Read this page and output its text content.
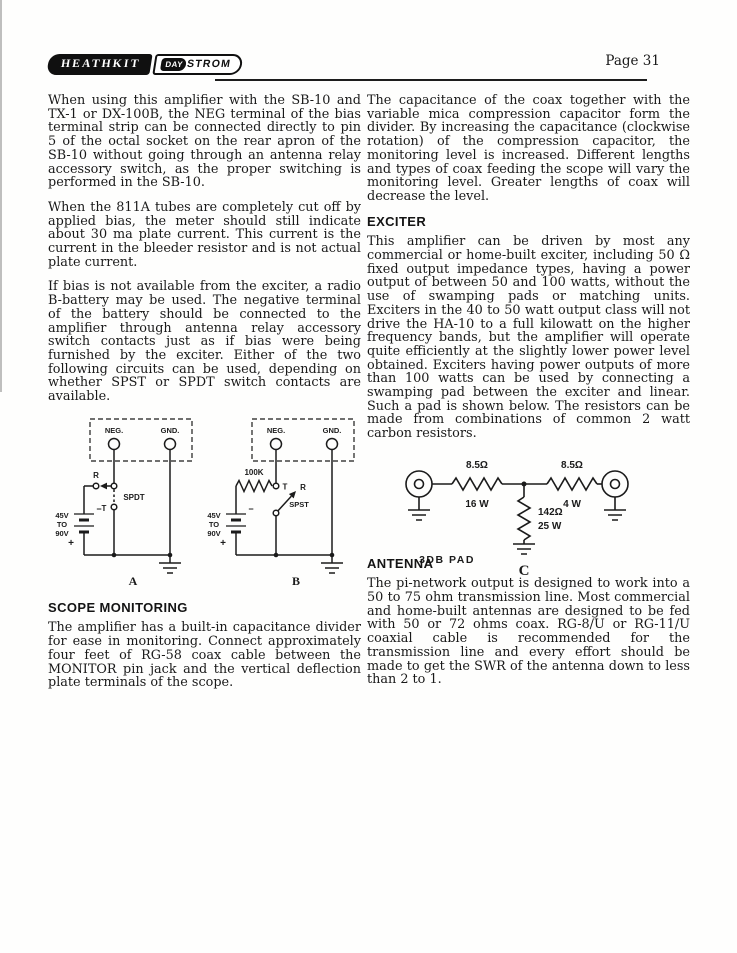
HEATHKIT	DAY STROM	Page 31

When using this amplifier with the SB-10 and TX-1 or DX-100B, the NEG terminal of the bias terminal strip can be connected directly to pin 5 of the octal socket on the rear apron of the SB-10 without going through an antenna relay accessory switch, as the proper switching is performed in the SB-10.

When the 811A tubes are completely cut off by applied bias, the meter should still indicate about 30 ma plate current. This current is the current in the bleeder resistor and is not actual plate current.

If bias is not available from the exciter, a radio B-battery may be used. The negative terminal of the battery should be connected to the amplifier through antenna relay accessory switch contacts just as if bias were being furnished by the exciter. Either of the two following circuits can be used, depending on whether SPST or SPDT switch contacts are available.

NEG.	GND.
R
SPDT
T
45V
TO
90V
−
+
A
NEG.	GND.
100K
T R
SPST
45V
TO
90V
−
+
B
SCOPE MONITORING

The amplifier has a built-in capacitance divider for ease in monitoring. Connect approximately four feet of RG-58 coax cable between the MONITOR pin jack and the vertical deflection plate terminals of the scope.

The capacitance of the coax together with the variable mica compression capacitor form the divider. By increasing the capacitance (clockwise rotation) of the compression capacitor, the monitoring level is increased. Different lengths and types of coax feeding the scope will vary the monitoring level. Greater lengths of coax will decrease the level.

EXCITER

This amplifier can be driven by most any commercial or home-built exciter, including 50 Ω fixed output impedance types, having a power output of between 50 and 100 watts, without the use of swamping pads or matching units. Exciters in the 40 to 50 watt output class will not drive the HA-10 to a full kilowatt on the higher frequency bands, but the amplifier will operate quite efficiently at the slightly lower power level obtained. Exciters having power outputs of more than 100 watts can be used by connecting a swamping pad between the exciter and linear. Such a pad is shown below. The resistors can be made from combinations of common 2 watt carbon resistors.

8.5Ω
16 W
8.5Ω
4 W
142Ω
25 W
3DB PAD
C
ANTENNA

The pi-network output is designed to work into a 50 to 75 ohm transmission line. Most commercial and home-built antennas are designed to be fed with 50 or 72 ohms coax. RG-8/U or RG-11/U coaxial cable is recommended for the transmission line and every effort should be made to get the SWR of the antenna down to less than 2 to 1.
